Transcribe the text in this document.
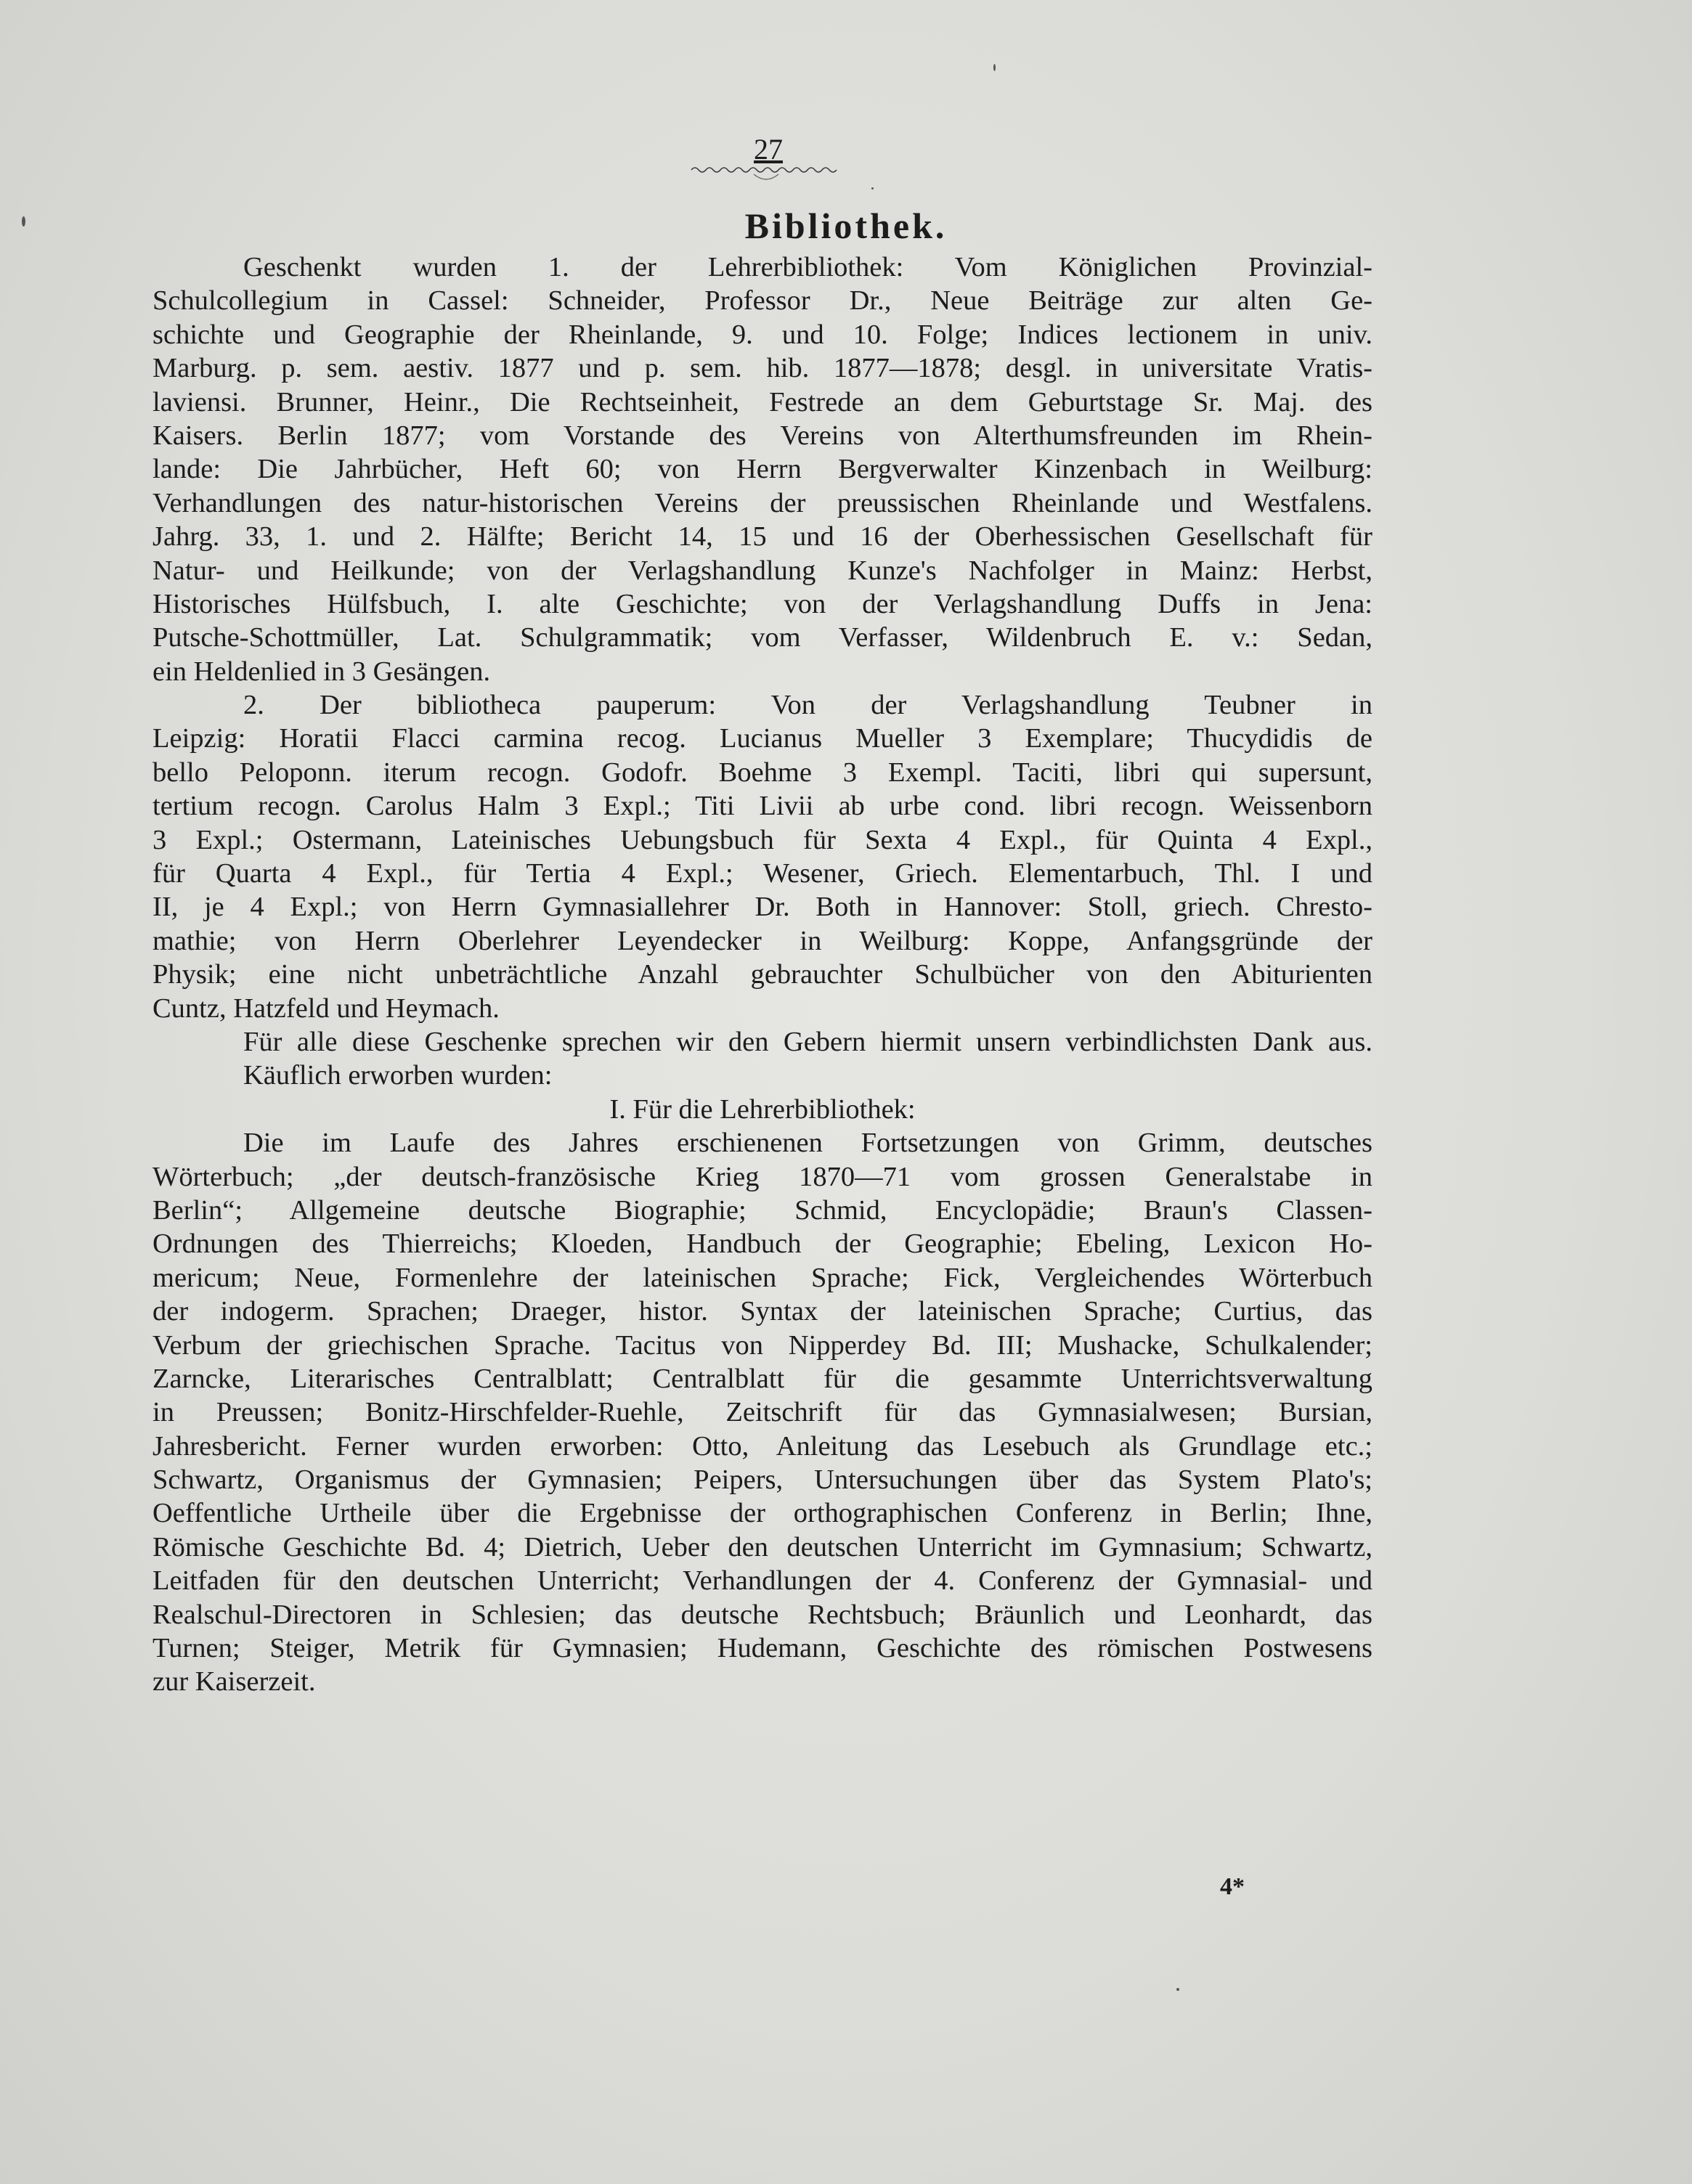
27
Bibliothek.
Geschenkt wurden 1. der Lehrerbibliothek: Vom Königlichen Provinzial-
Schulcollegium in Cassel: Schneider, Professor Dr., Neue Beiträge zur alten Ge-
schichte und Geographie der Rheinlande, 9. und 10. Folge; Indices lectionem in univ.
Marburg. p. sem. aestiv. 1877 und p. sem. hib. 1877—1878; desgl. in universitate Vratis-
laviensi. Brunner, Heinr., Die Rechtseinheit, Festrede an dem Geburtstage Sr. Maj. des
Kaisers. Berlin 1877; vom Vorstande des Vereins von Alterthumsfreunden im Rhein-
lande: Die Jahrbücher, Heft 60; von Herrn Bergverwalter Kinzenbach in Weilburg:
Verhandlungen des natur-historischen Vereins der preussischen Rheinlande und Westfalens.
Jahrg. 33, 1. und 2. Hälfte; Bericht 14, 15 und 16 der Oberhessischen Gesellschaft für
Natur- und Heilkunde; von der Verlagshandlung Kunze's Nachfolger in Mainz: Herbst,
Historisches Hülfsbuch, I. alte Geschichte; von der Verlagshandlung Duffs in Jena:
Putsche-Schottmüller, Lat. Schulgrammatik; vom Verfasser, Wildenbruch E. v.: Sedan,
ein Heldenlied in 3 Gesängen.
2. Der bibliotheca pauperum: Von der Verlagshandlung Teubner in
Leipzig: Horatii Flacci carmina recog. Lucianus Mueller 3 Exemplare; Thucydidis de
bello Peloponn. iterum recogn. Godofr. Boehme 3 Exempl. Taciti, libri qui supersunt,
tertium recogn. Carolus Halm 3 Expl.; Titi Livii ab urbe cond. libri recogn. Weissenborn
3 Expl.; Ostermann, Lateinisches Uebungsbuch für Sexta 4 Expl., für Quinta 4 Expl.,
für Quarta 4 Expl., für Tertia 4 Expl.; Wesener, Griech. Elementarbuch, Thl. I und
II, je 4 Expl.; von Herrn Gymnasiallehrer Dr. Both in Hannover: Stoll, griech. Chresto-
mathie; von Herrn Oberlehrer Leyendecker in Weilburg: Koppe, Anfangsgründe der
Physik; eine nicht unbeträchtliche Anzahl gebrauchter Schulbücher von den Abiturienten
Cuntz, Hatzfeld und Heymach.
Für alle diese Geschenke sprechen wir den Gebern hiermit unsern verbindlichsten Dank aus.
Käuflich erworben wurden:
I. Für die Lehrerbibliothek:
Die im Laufe des Jahres erschienenen Fortsetzungen von Grimm, deutsches
Wörterbuch; „der deutsch-französische Krieg 1870—71 vom grossen Generalstabe in
Berlin“; Allgemeine deutsche Biographie; Schmid, Encyclopädie; Braun's Classen-
Ordnungen des Thierreichs; Kloeden, Handbuch der Geographie; Ebeling, Lexicon Ho-
mericum; Neue, Formenlehre der lateinischen Sprache; Fick, Vergleichendes Wörterbuch
der indogerm. Sprachen; Draeger, histor. Syntax der lateinischen Sprache; Curtius, das
Verbum der griechischen Sprache. Tacitus von Nipperdey Bd. III; Mushacke, Schulkalender;
Zarncke, Literarisches Centralblatt; Centralblatt für die gesammte Unterrichtsverwaltung
in Preussen; Bonitz-Hirschfelder-Ruehle, Zeitschrift für das Gymnasialwesen; Bursian,
Jahresbericht. Ferner wurden erworben: Otto, Anleitung das Lesebuch als Grundlage etc.;
Schwartz, Organismus der Gymnasien; Peipers, Untersuchungen über das System Plato's;
Oeffentliche Urtheile über die Ergebnisse der orthographischen Conferenz in Berlin; Ihne,
Römische Geschichte Bd. 4; Dietrich, Ueber den deutschen Unterricht im Gymnasium; Schwartz,
Leitfaden für den deutschen Unterricht; Verhandlungen der 4. Conferenz der Gymnasial- und
Realschul-Directoren in Schlesien; das deutsche Rechtsbuch; Bräunlich und Leonhardt, das
Turnen; Steiger, Metrik für Gymnasien; Hudemann, Geschichte des römischen Postwesens
zur Kaiserzeit.
4*
